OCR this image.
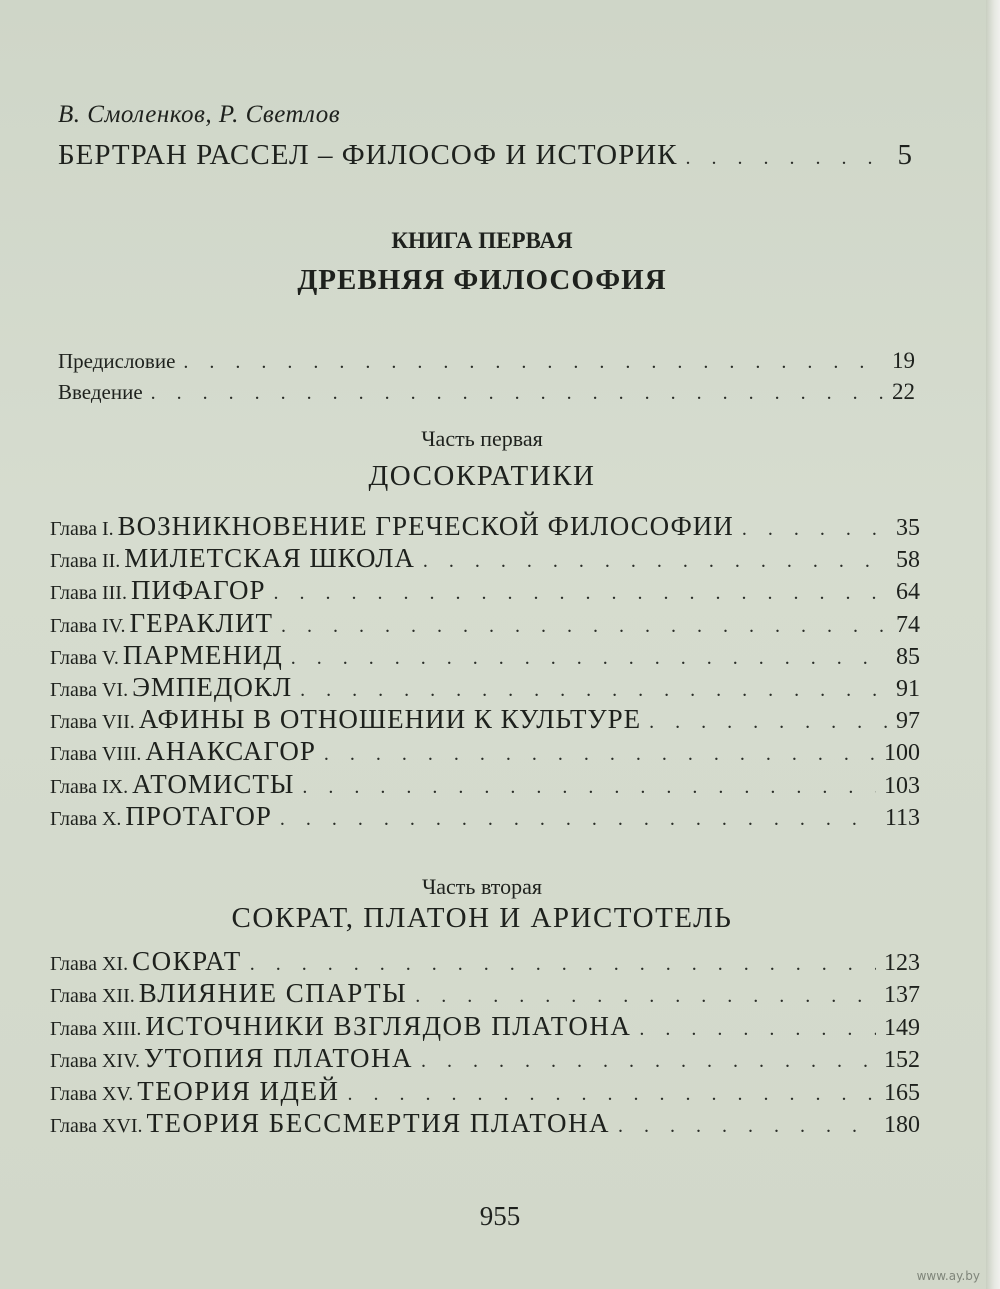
В. Смоленков, Р. Светлов
БЕРТРАН РАССЕЛ – ФИЛОСОФ И ИСТОРИК . . .	5
КНИГА ПЕРВАЯ
ДРЕВНЯЯ ФИЛОСОФИЯ
Предисловие . . .	19
Введение . . .	22
Часть первая
ДОСОКРАТИКИ
Глава I. ВОЗНИКНОВЕНИЕ ГРЕЧЕСКОЙ ФИЛОСОФИИ . . .	35
Глава II. МИЛЕТСКАЯ ШКОЛА . . .	58
Глава III. ПИФАГОР . . .	64
Глава IV. ГЕРАКЛИТ . . .	74
Глава V. ПАРМЕНИД . . .	85
Глава VI. ЭМПЕДОКЛ . . .	91
Глава VII. АФИНЫ В ОТНОШЕНИИ К КУЛЬТУРЕ . . .	97
Глава VIII. АНАКСАГОР . . .	100
Глава IX. АТОМИСТЫ . . .	103
Глава X. ПРОТАГОР . . .	113
Часть вторая
СОКРАТ, ПЛАТОН И АРИСТОТЕЛЬ
Глава XI. СОКРАТ . . .	123
Глава XII. ВЛИЯНИЕ СПАРТЫ . . .	137
Глава XIII. ИСТОЧНИКИ ВЗГЛЯДОВ ПЛАТОНА . . .	149
Глава XIV. УТОПИЯ ПЛАТОНА . . .	152
Глава XV. ТЕОРИЯ ИДЕЙ . . .	165
Глава XVI. ТЕОРИЯ БЕССМЕРТИЯ ПЛАТОНА . . .	180
955
www.ay.by
